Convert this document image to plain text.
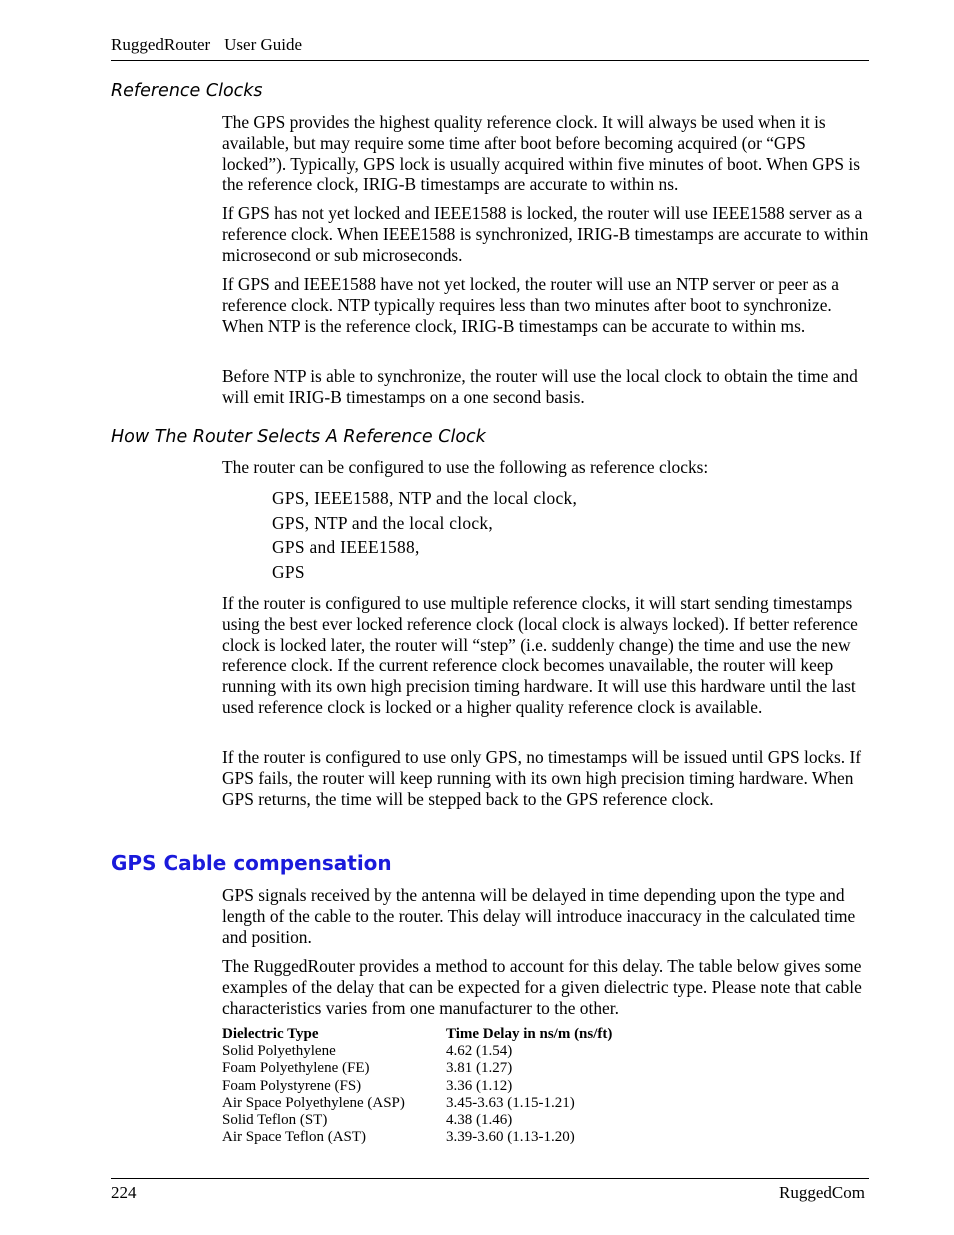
RuggedRouter User Guide
Reference Clocks

The GPS provides the highest quality reference clock. It will always be used when it is available, but may require some time after boot before becoming acquired (or “GPS locked”). Typically, GPS lock is usually acquired within five minutes of boot. When GPS is the reference clock, IRIG-B timestamps are accurate to within ns.

If GPS has not yet locked and IEEE1588 is locked, the router will use IEEE1588 server as a reference clock. When IEEE1588 is synchronized, IRIG-B timestamps are accurate to within microsecond or sub microseconds.

If GPS and IEEE1588 have not yet locked, the router will use an NTP server or peer as a reference clock. NTP typically requires less than two minutes after boot to synchronize. When NTP is the reference clock, IRIG-B timestamps can be accurate to within ms.

Before NTP is able to synchronize, the router will use the local clock to obtain the time and will emit IRIG-B timestamps on a one second basis.

How The Router Selects A Reference Clock

The router can be configured to use the following as reference clocks:

GPS, IEEE1588, NTP and the local clock,
GPS, NTP and the local clock,
GPS and IEEE1588,
GPS

If the router is configured to use multiple reference clocks, it will start sending timestamps using the best ever locked reference clock (local clock is always locked). If better reference clock is locked later, the router will “step” (i.e. suddenly change) the time and use the new reference clock. If the current reference clock becomes unavailable, the router will keep running with its own high precision timing hardware. It will use this hardware until the last used reference clock is locked or a higher quality reference clock is available.

If the router is configured to use only GPS, no timestamps will be issued until GPS locks. If GPS fails, the router will keep running with its own high precision timing hardware. When GPS returns, the time will be stepped back to the GPS reference clock.

GPS Cable compensation

GPS signals received by the antenna will be delayed in time depending upon the type and length of the cable to the router. This delay will introduce inaccuracy in the calculated time and position.

The RuggedRouter provides a method to account for this delay. The table below gives some examples of the delay that can be expected for a given dielectric type. Please note that cable characteristics varies from one manufacturer to the other.

Dielectric Type	Time Delay in ns/m (ns/ft)
Solid Polyethylene	4.62 (1.54)
Foam Polyethylene (FE)	3.81 (1.27)
Foam Polystyrene (FS)	3.36 (1.12)
Air Space Polyethylene (ASP)	3.45-3.63 (1.15-1.21)
Solid Teflon (ST)	4.38 (1.46)
Air Space Teflon (AST)	3.39-3.60 (1.13-1.20)
224	RuggedCom
